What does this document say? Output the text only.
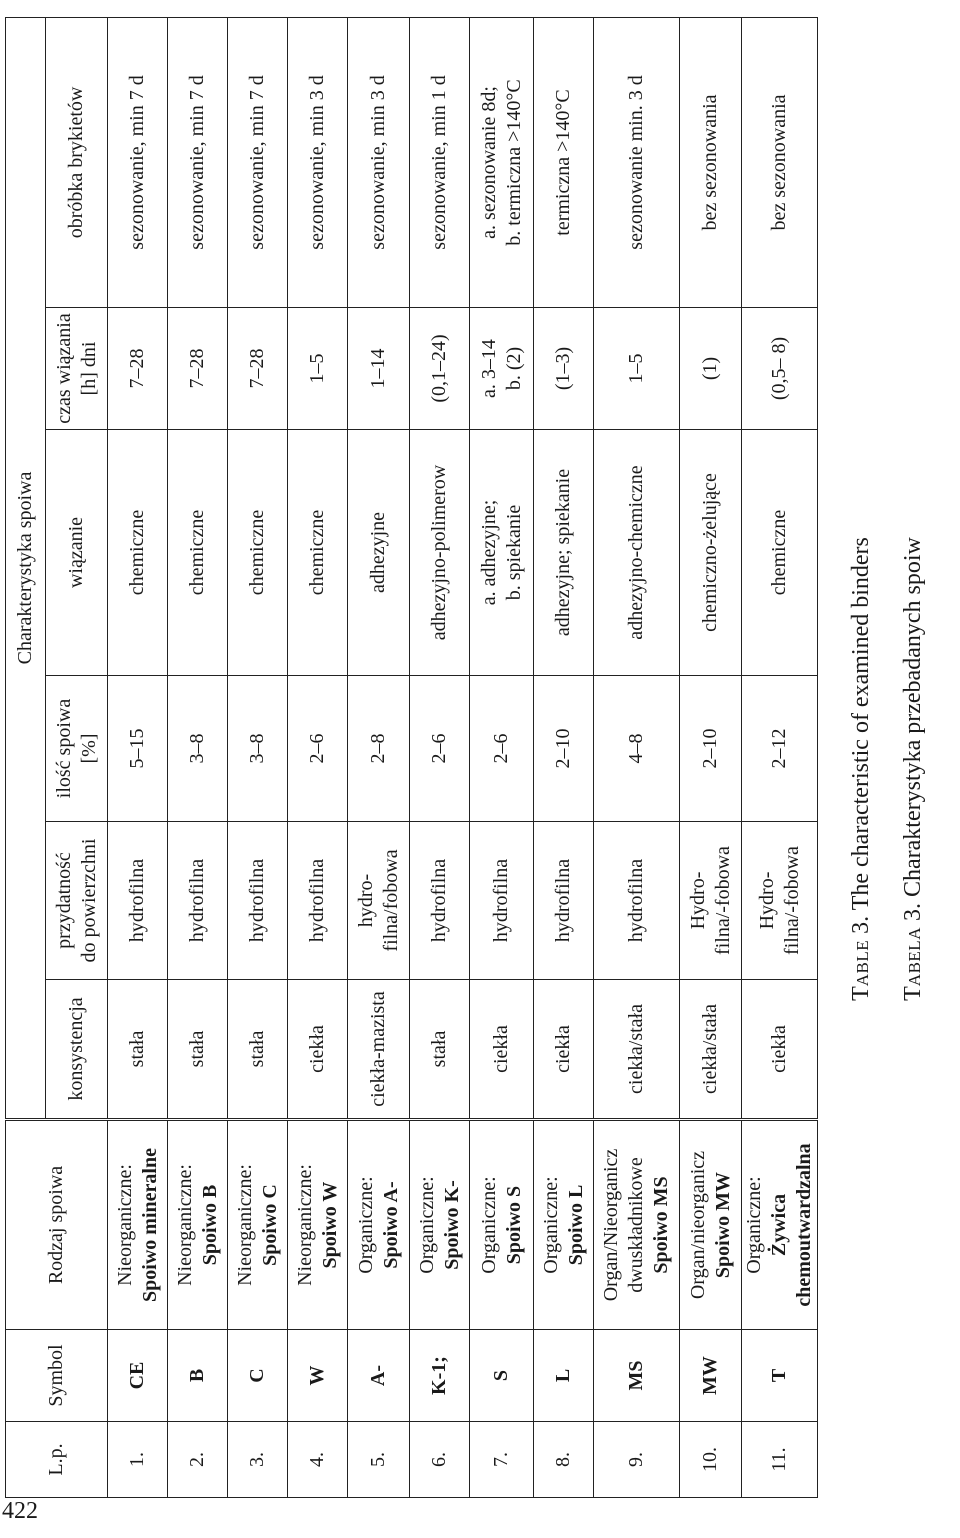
422
TABELA 3. Charakterystyka przebadanych spoiw
TABLE 3. The characteristic of examined binders
L.p.	Symbol	Rodzaj spoiwa	Charakterystyka spoiwa					
			konsystencja	przydatność do powierzchni	ilość spoiwa [%]	wiązanie	czas wiązania [h] dni	obróbka brykietów
1.	CE	Nieorganiczne: Spoiwo mineralne	stała	hydrofilna	5–15	chemiczne	7–28	sezonowanie, min 7 d
2.	B	Nieorganiczne: Spoiwo B	stała	hydrofilna	3–8	chemiczne	7–28	sezonowanie, min 7 d
3.	C	Nieorganiczne: Spoiwo C	stała	hydrofilna	3–8	chemiczne	7–28	sezonowanie, min 7 d
4.	W	Nieorganiczne: Spoiwo W	ciekła	hydrofilna	2–6	chemiczne	1–5	sezonowanie, min 3 d
5.	A-	Organiczne: Spoiwo A-	ciekła-mazista	hydro-filna/fobowa	2–8	adhezyjne	1–14	sezonowanie, min 3 d
6.	K-1;	Organiczne: Spoiwo K-	stała	hydrofilna	2–6	adhezyjno-polimerow	(0,1–24)	sezonowanie, min 1 d
7.	S	Organiczne: Spoiwo S	ciekła	hydrofilna	2–6	a. adhezyjne; b. spiekanie	a. 3–14 b. (2)	a. sezonowanie 8d; b. termiczna >140°C
8.	L	Organiczne: Spoiwo L	ciekła	hydrofilna	2–10	adhezyjne; spiekanie	(1–3)	termiczna >140°C
9.	MS	Organ/Nieorganicz dwuskładnikowe Spoiwo MS	ciekła/stała	hydrofilna	4–8	adhezyjno-chemiczne	1–5	sezonowanie min. 3 d
10.	MW	Organ/nieorganicz Spoiwo MW	ciekła/stała	Hydro- filna/-fobowa	2–10	chemiczno-żelujące	(1)	bez sezonowania
11.	T	Organiczne: Żywica chemoutwardzalna	ciekła	Hydro- filna/-fobowa	2–12	chemiczne	(0,5– 8)	bez sezonowania
